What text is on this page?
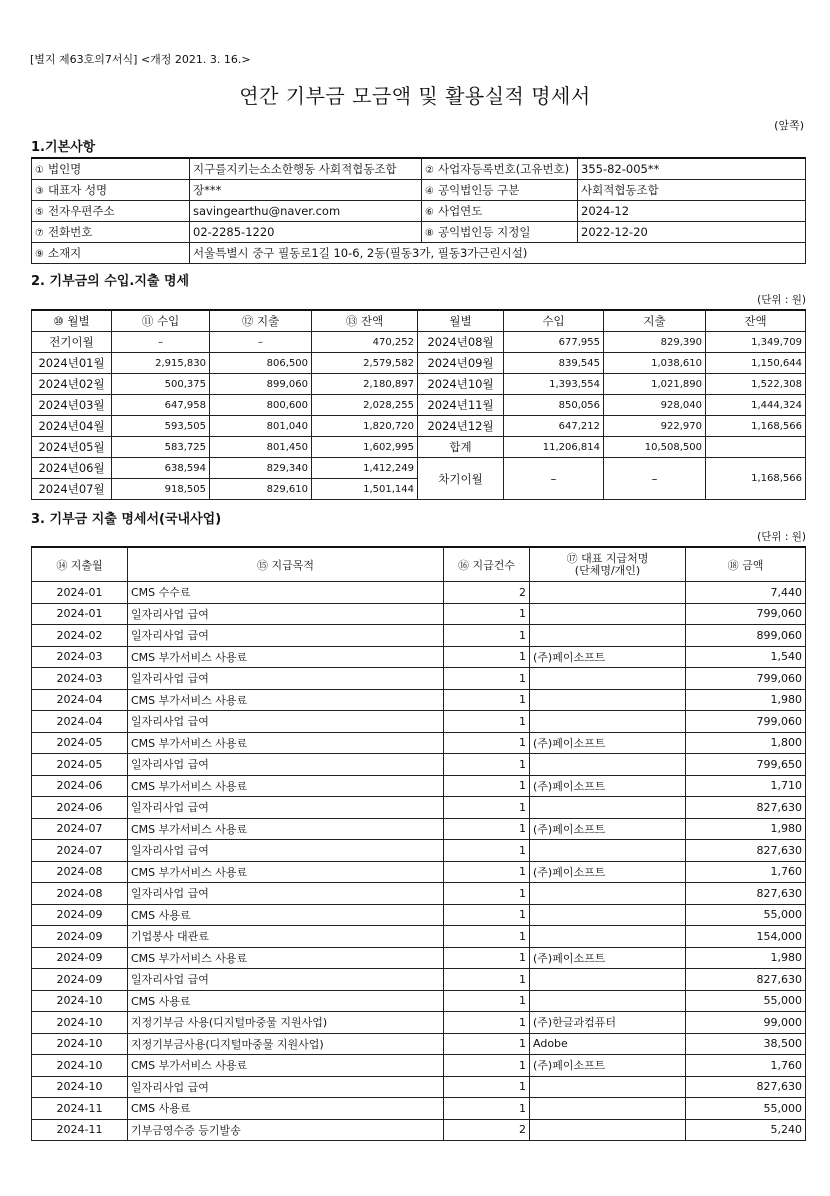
[별지 제63호의7서식] <개정 2021. 3. 16.>
연간 기부금 모금액 및 활용실적 명세서
(앞쪽)
1.기본사항
① 법인명	지구를지키는소소한행동 사회적협동조합	② 사업자등록번호(고유번호)	355-82-005**
③ 대표자 성명	장***	④ 공익법인등 구분	사회적협동조합
⑤ 전자우편주소	savingearthu@naver.com	⑥ 사업연도	2024-12
⑦ 전화번호	02-2285-1220	⑧ 공익법인등 지정일	2022-12-20
⑨ 소재지	서울특별시 중구 필동로1길 10-6, 2동(필동3가, 필동3가근린시설)		
2. 기부금의 수입.지출 명세
(단위 : 원)
⑩ 월별	⑪ 수입	⑫ 지출	⑬ 잔액	월별	수입	지출	잔액
전기이월	–	–	470,252	2024년08월	677,955	829,390	1,349,709
2024년01월	2,915,830	806,500	2,579,582	2024년09월	839,545	1,038,610	1,150,644
2024년02월	500,375	899,060	2,180,897	2024년10월	1,393,554	1,021,890	1,522,308
2024년03월	647,958	800,600	2,028,255	2024년11월	850,056	928,040	1,444,324
2024년04월	593,505	801,040	1,820,720	2024년12월	647,212	922,970	1,168,566
2024년05월	583,725	801,450	1,602,995	합계	11,206,814	10,508,500	
2024년06월	638,594	829,340	1,412,249	차기이월	–	–	1,168,566
2024년07월	918,505	829,610	1,501,144				
3. 기부금 지출 명세서(국내사업)
(단위 : 원)
⑭ 지출월	⑮ 지급목적	⑯ 지급건수	⑰ 대표 지급처명
(단체명/개인)	⑱ 금액
2024-01	CMS 수수료	2		7,440
2024-01	일자리사업 급여	1		799,060
2024-02	일자리사업 급여	1		899,060
2024-03	CMS 부가서비스 사용료	1	(주)페이소프트	1,540
2024-03	일자리사업 급여	1		799,060
2024-04	CMS 부가서비스 사용료	1		1,980
2024-04	일자리사업 급여	1		799,060
2024-05	CMS 부가서비스 사용료	1	(주)페이소프트	1,800
2024-05	일자리사업 급여	1		799,650
2024-06	CMS 부가서비스 사용료	1	(주)페이소프트	1,710
2024-06	일자리사업 급여	1		827,630
2024-07	CMS 부가서비스 사용료	1	(주)페이소프트	1,980
2024-07	일자리사업 급여	1		827,630
2024-08	CMS 부가서비스 사용료	1	(주)페이소프트	1,760
2024-08	일자리사업 급여	1		827,630
2024-09	CMS 사용료	1		55,000
2024-09	기업봉사 대관료	1		154,000
2024-09	CMS 부가서비스 사용료	1	(주)페이소프트	1,980
2024-09	일자리사업 급여	1		827,630
2024-10	CMS 사용료	1		55,000
2024-10	지정기부금 사용(디지털마중물 지원사업)	1	(주)한글과컴퓨터	99,000
2024-10	지정기부금사용(디지털마중물 지원사업)	1	Adobe	38,500
2024-10	CMS 부가서비스 사용료	1	(주)페이소프트	1,760
2024-10	일자리사업 급여	1		827,630
2024-11	CMS 사용료	1		55,000
2024-11	기부금영수증 등기발송	2		5,240
